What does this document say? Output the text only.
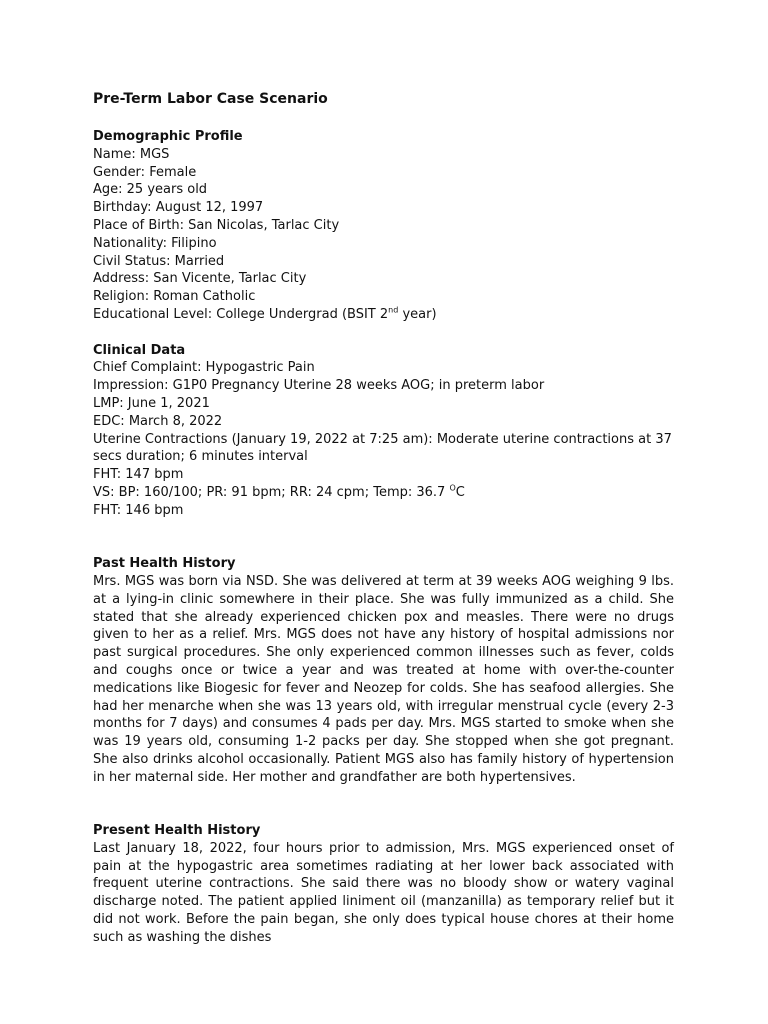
Pre-Term Labor Case Scenario

Demographic Profile

Name: MGS

Gender: Female

Age: 25 years old

Birthday: August 12, 1997

Place of Birth: San Nicolas, Tarlac City

Nationality: Filipino

Civil Status: Married

Address: San Vicente, Tarlac City

Religion: Roman Catholic

Educational Level: College Undergrad (BSIT 2nd year)

Clinical Data

Chief Complaint: Hypogastric Pain

Impression: G1P0 Pregnancy Uterine 28 weeks AOG; in preterm labor

LMP: June 1, 2021

EDC: March 8, 2022

Uterine Contractions (January 19, 2022 at 7:25 am): Moderate uterine contractions at 37 secs duration; 6 minutes interval

FHT: 147 bpm

VS: BP: 160/100; PR: 91 bpm; RR: 24 cpm; Temp: 36.7 $^O$C

FHT: 146 bpm

Past Health History

Mrs. MGS was born via NSD. She was delivered at term at 39 weeks AOG weighing 9 lbs. at a lying-in clinic somewhere in their place. She was fully immunized as a child. She stated that she already experienced chicken pox and measles. There were no drugs given to her as a relief. Mrs. MGS does not have any history of hospital admissions nor past surgical procedures. She only experienced common illnesses such as fever, colds and coughs once or twice a year and was treated at home with over-the-counter medications like Biogesic for fever and Neozep for colds. She has seafood allergies. She had her menarche when she was 13 years old, with irregular menstrual cycle (every 2-3 months for 7 days) and consumes 4 pads per day. Mrs. MGS started to smoke when she was 19 years old, consuming 1-2 packs per day. She stopped when she got pregnant. She also drinks alcohol occasionally. Patient MGS also has family history of hypertension in her maternal side. Her mother and grandfather are both hypertensives.

Present Health History

Last January 18, 2022, four hours prior to admission, Mrs. MGS experienced onset of pain at the hypogastric area sometimes radiating at her lower back associated with frequent uterine contractions. She said there was no bloody show or watery vaginal discharge noted. The patient applied liniment oil (manzanilla) as temporary relief but it did not work. Before the pain began, she only does typical house chores at their home such as washing the dishes
